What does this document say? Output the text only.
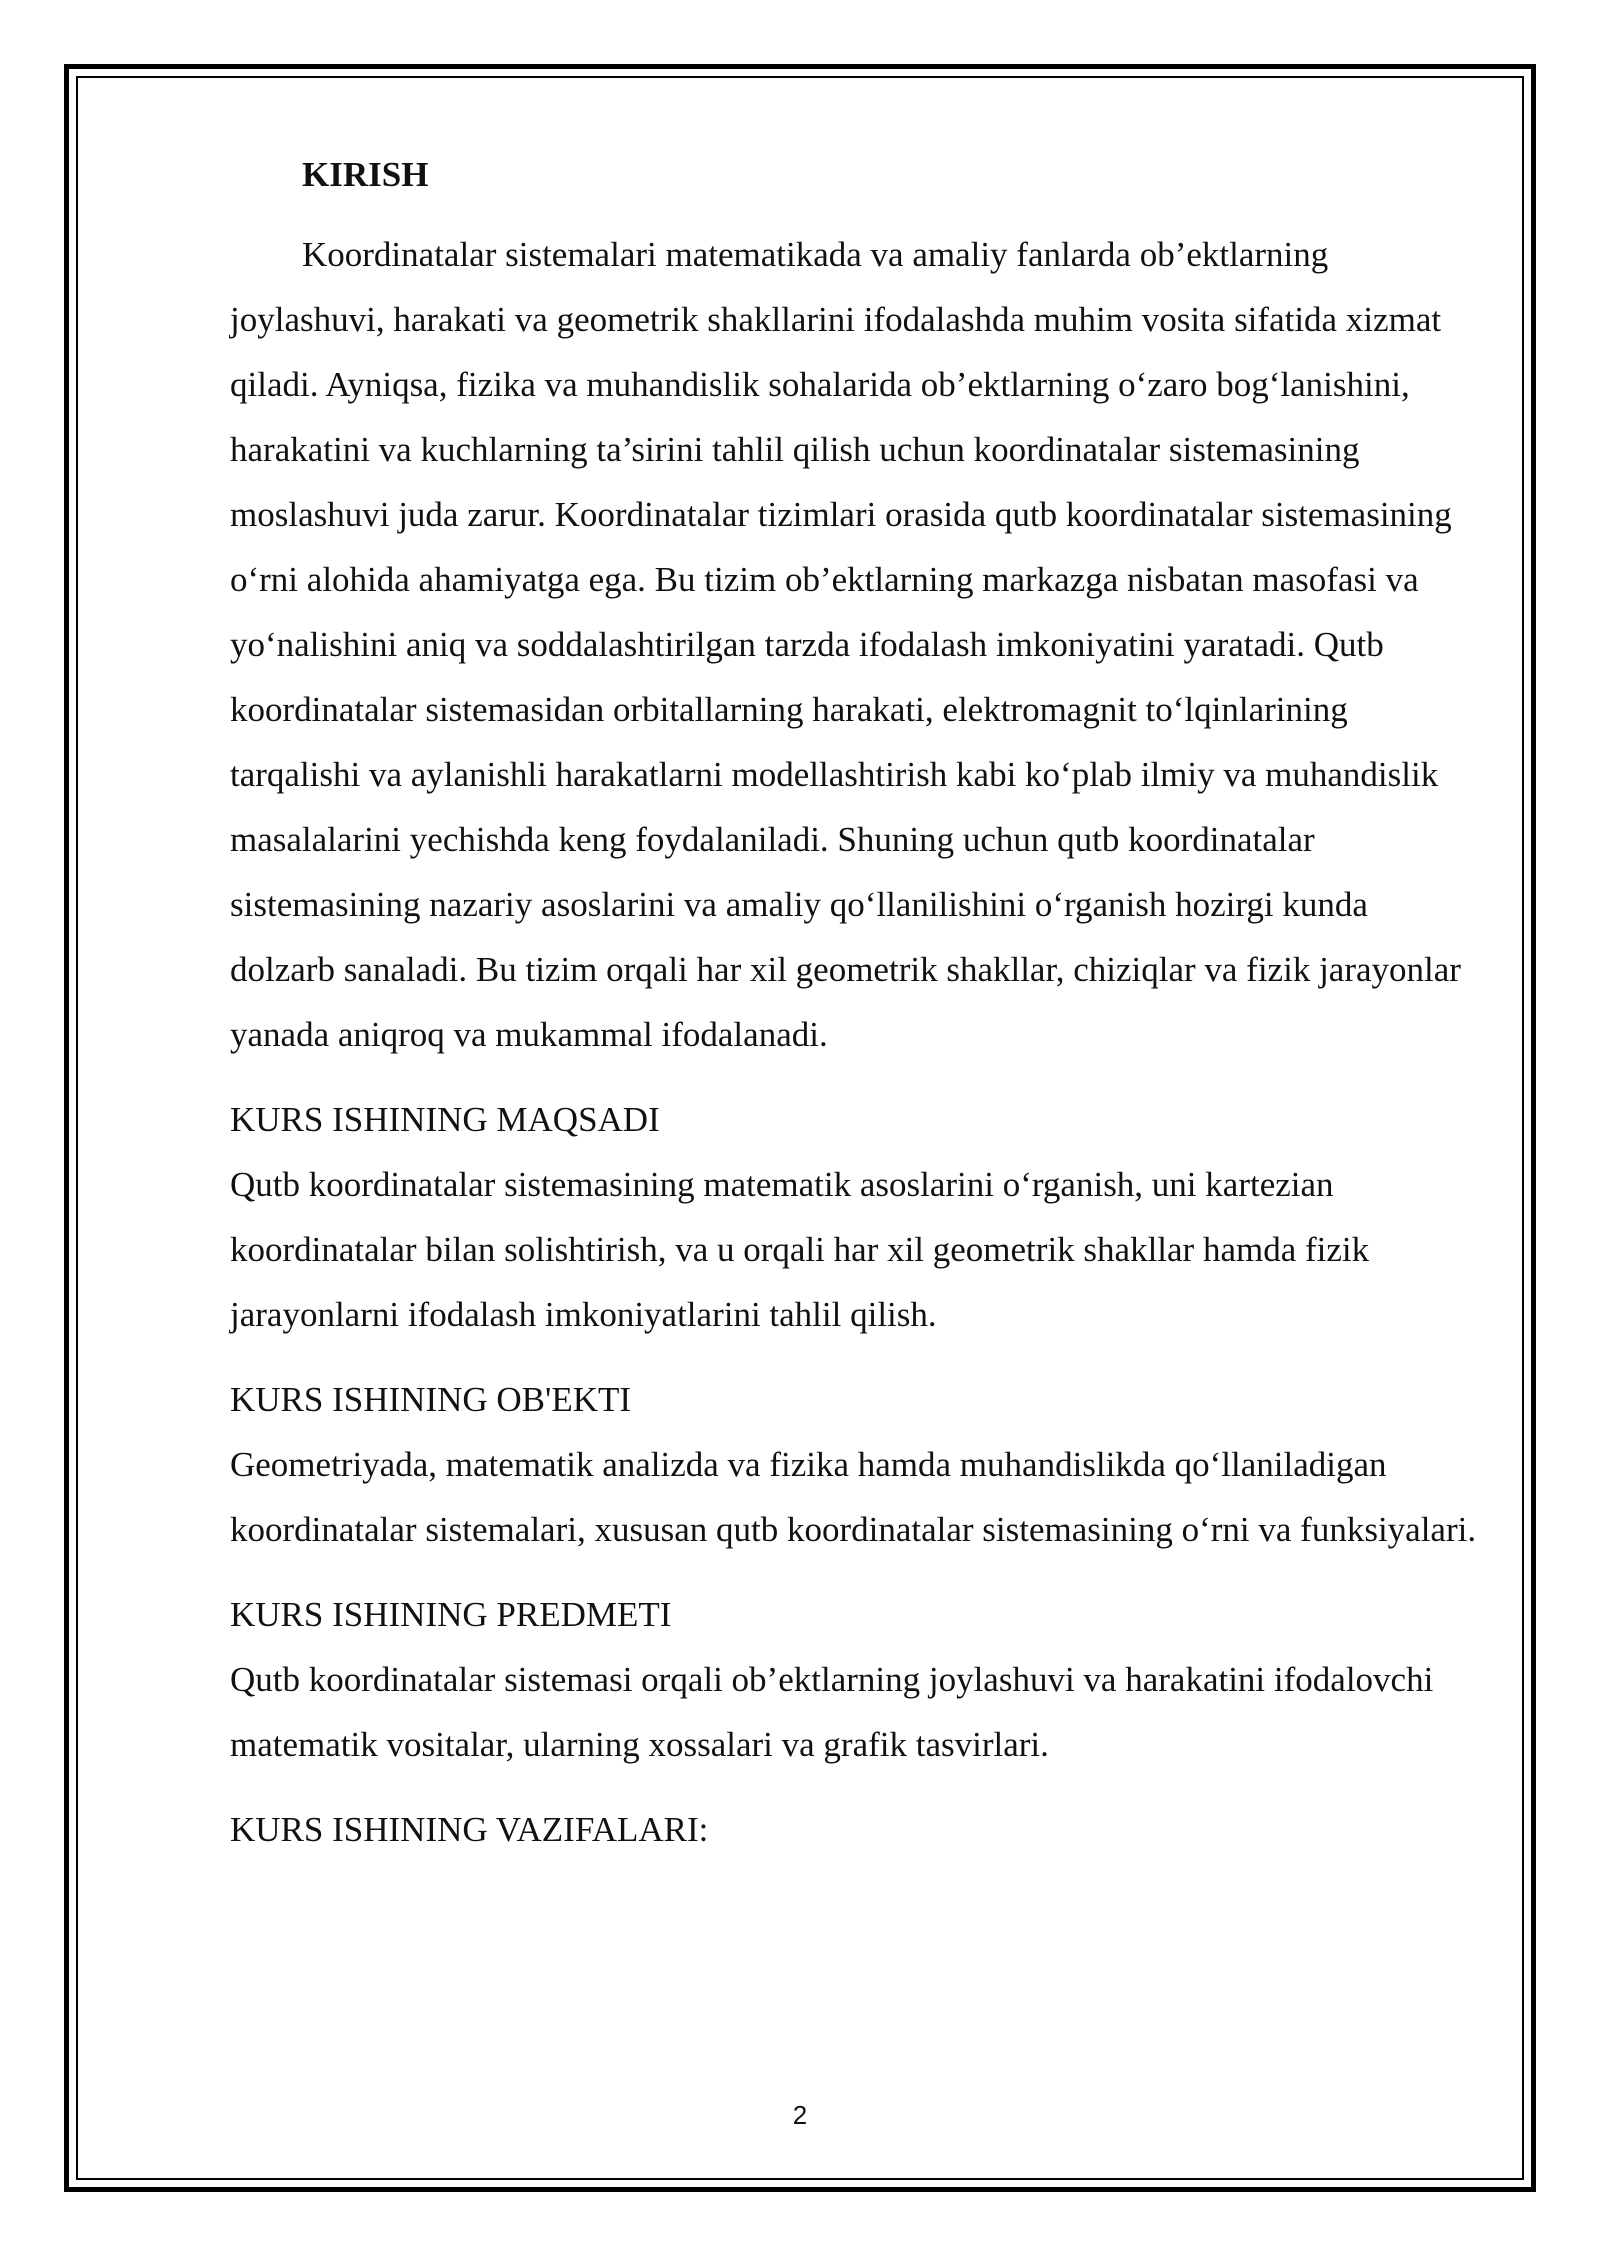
KIRISH

Koordinatalar sistemalari matematikada va amaliy fanlarda ob’ektlarning joylashuvi, harakati va geometrik shakllarini ifodalashda muhim vosita sifatida xizmat qiladi. Ayniqsa, fizika va muhandislik sohalarida ob’ektlarning o‘zaro bog‘lanishini, harakatini va kuchlarning ta’sirini tahlil qilish uchun koordinatalar sistemasining moslashuvi juda zarur. Koordinatalar tizimlari orasida qutb koordinatalar sistemasining o‘rni alohida ahamiyatga ega. Bu tizim ob’ektlarning markazga nisbatan masofasi va yo‘nalishini aniq va soddalashtirilgan tarzda ifodalash imkoniyatini yaratadi. Qutb koordinatalar sistemasidan orbitallarning harakati, elektromagnit to‘lqinlarining tarqalishi va aylanishli harakatlarni modellashtirish kabi ko‘plab ilmiy va muhandislik masalalarini yechishda keng foydalaniladi. Shuning uchun qutb koordinatalar sistemasining nazariy asoslarini va amaliy qo‘llanilishini o‘rganish hozirgi kunda dolzarb sanaladi. Bu tizim orqali har xil geometrik shakllar, chiziqlar va fizik jarayonlar yanada aniqroq va mukammal ifodalanadi.

KURS ISHINING MAQSADI

Qutb koordinatalar sistemasining matematik asoslarini o‘rganish, uni kartezian koordinatalar bilan solishtirish, va u orqali har xil geometrik shakllar hamda fizik jarayonlarni ifodalash imkoniyatlarini tahlil qilish.

KURS ISHINING OB'EKTI

Geometriyada, matematik analizda va fizika hamda muhandislikda qo‘llaniladigan koordinatalar sistemalari, xususan qutb koordinatalar sistemasining o‘rni va funksiyalari.

KURS ISHINING PREDMETI

Qutb koordinatalar sistemasi orqali ob’ektlarning joylashuvi va harakatini ifodalovchi matematik vositalar, ularning xossalari va grafik tasvirlari.

KURS ISHINING VAZIFALARI:
2
